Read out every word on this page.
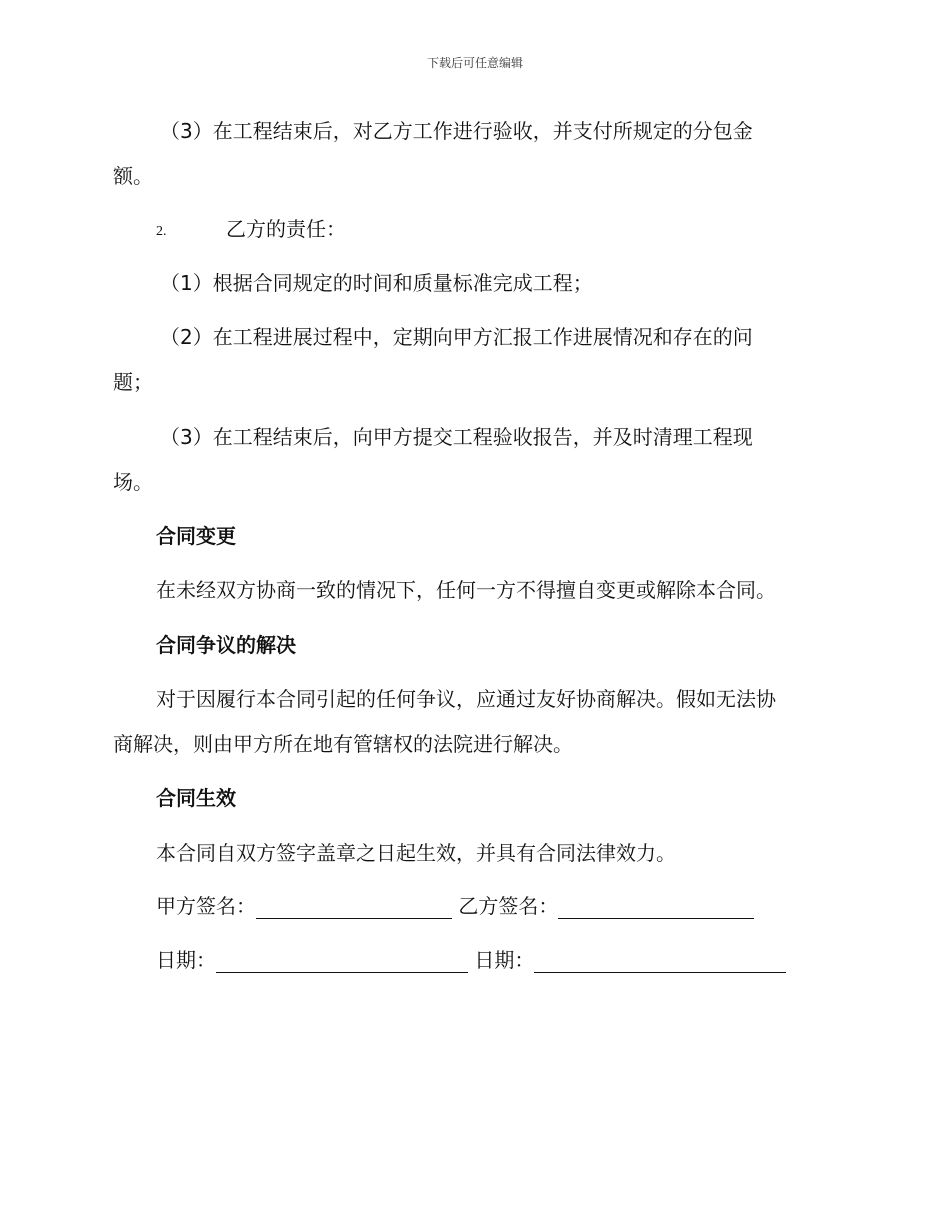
下载后可任意编辑
（3）在工程结束后，对乙方工作进行验收，并支付所规定的分包金
额。
2.	乙方的责任：
（1）根据合同规定的时间和质量标准完成工程；
（2）在工程进展过程中，定期向甲方汇报工作进展情况和存在的问
题；
（3）在工程结束后，向甲方提交工程验收报告，并及时清理工程现
场。
合同变更
在未经双方协商一致的情况下，任何一方不得擅自变更或解除本合同。
合同争议的解决
对于因履行本合同引起的任何争议，应通过友好协商解决。假如无法协
商解决，则由甲方所在地有管辖权的法院进行解决。
合同生效
本合同自双方签字盖章之日起生效，并具有合同法律效力。
甲方签名：	乙方签名：
日期：	日期：
